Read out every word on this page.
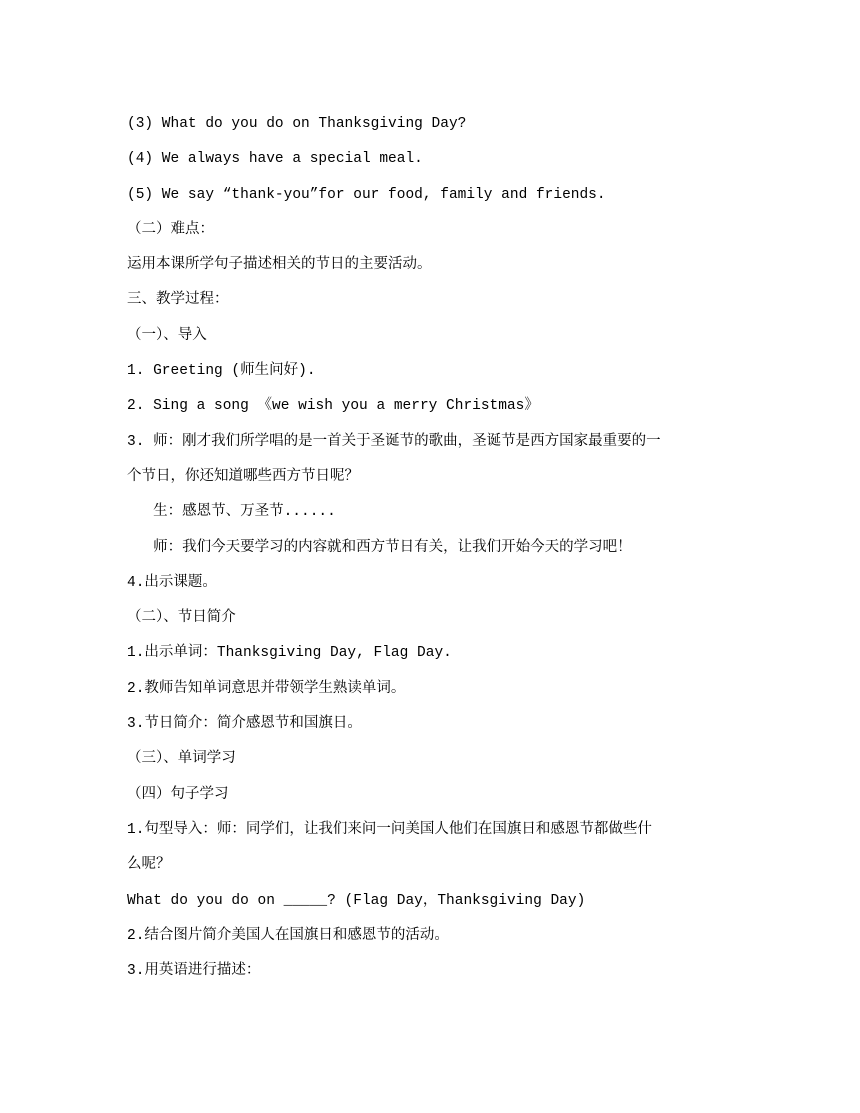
(3) What do you do on Thanksgiving Day?
(4) We always have a special meal.
(5) We say “thank-you”for our food, family and friends.
（二）难点：
运用本课所学句子描述相关的节日的主要活动。
三、教学过程：
（一）、导入
1. Greeting (师生问好).
2. Sing a song 《we wish you a merry Christmas》
3. 师：刚才我们所学唱的是一首关于圣诞节的歌曲，圣诞节是西方国家最重要的一
个节日，你还知道哪些西方节日呢？
生：感恩节、万圣节......
师：我们今天要学习的内容就和西方节日有关，让我们开始今天的学习吧！
4.出示课题。
（二）、节日简介
1.出示单词：Thanksgiving Day, Flag Day.
2.教师告知单词意思并带领学生熟读单词。
3.节日简介：简介感恩节和国旗日。
（三）、单词学习
（四）句子学习
1.句型导入：师：同学们，让我们来问一问美国人他们在国旗日和感恩节都做些什
么呢？
What do you do on _____? (Flag Day，Thanksgiving Day)
2.结合图片简介美国人在国旗日和感恩节的活动。
3.用英语进行描述：
